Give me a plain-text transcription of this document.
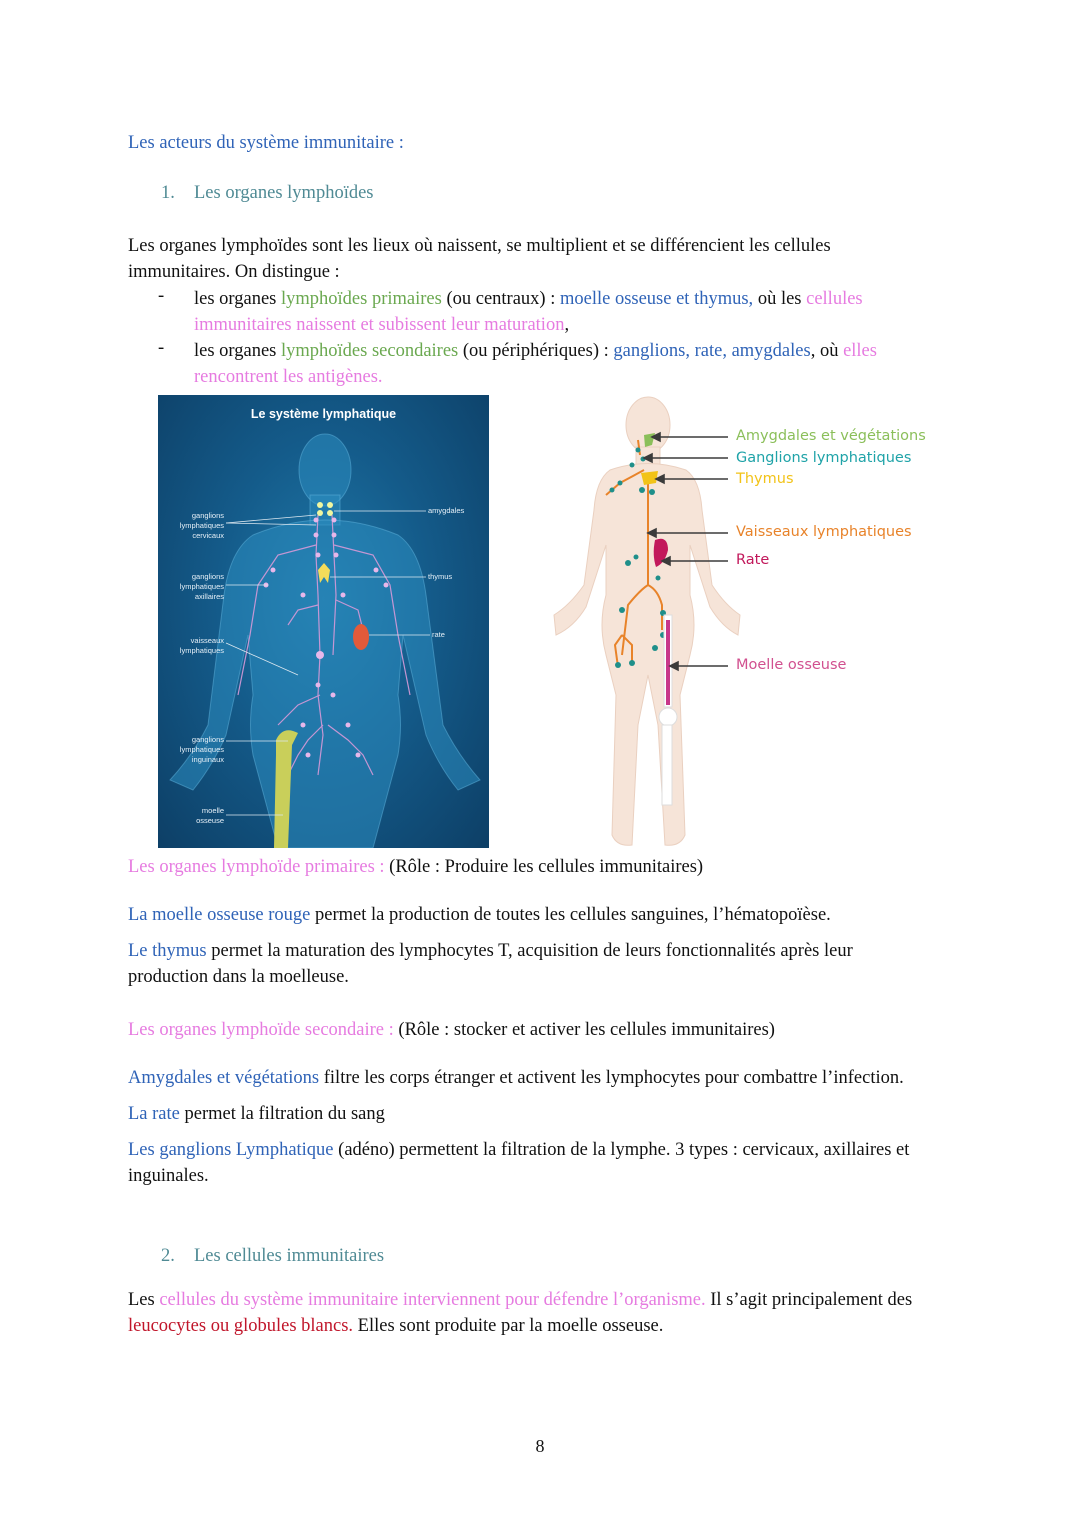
Les acteurs du système immunitaire :
1. Les organes lymphoïdes
Les organes lymphoïdes sont les lieux où naissent, se multiplient et se différencient les cellules
immunitaires. On distingue :
- les organes lymphoïdes primaires (ou centraux) : moelle osseuse et thymus, où les cellules
immunitaires naissent et subissent leur maturation,
- les organes lymphoïdes secondaires (ou périphériques) : ganglions, rate, amygdales, où elles
rencontrent les antigènes.
Le système lymphatique
ganglions
lymphatiques
cervicaux
ganglions
lymphatiques
axillaires
vaisseaux
lymphatiques
ganglions
lymphatiques
inguinaux
moelle
osseuse
amygdales
thymus
rate
Amygdales et végétations
Ganglions lymphatiques
Thymus
Vaisseaux lymphatiques
Rate
Moelle osseuse
Les organes lymphoïde primaires : (Rôle : Produire les cellules immunitaires)
La moelle osseuse rouge permet la production de toutes les cellules sanguines, l’hématopoïèse.
Le thymus permet la maturation des lymphocytes T, acquisition de leurs fonctionnalités après leur
production dans la moelleuse.
Les organes lymphoïde secondaire : (Rôle : stocker et activer les cellules immunitaires)
Amygdales et végétations filtre les corps étranger et activent les lymphocytes pour combattre l’infection.
La rate permet la filtration du sang
Les ganglions Lymphatique (adéno) permettent la filtration de la lymphe. 3 types : cervicaux, axillaires et
inguinales.
2. Les cellules immunitaires
Les cellules du système immunitaire interviennent pour défendre l’organisme. Il s’agit principalement des
leucocytes ou globules blancs. Elles sont produite par la moelle osseuse.
8
